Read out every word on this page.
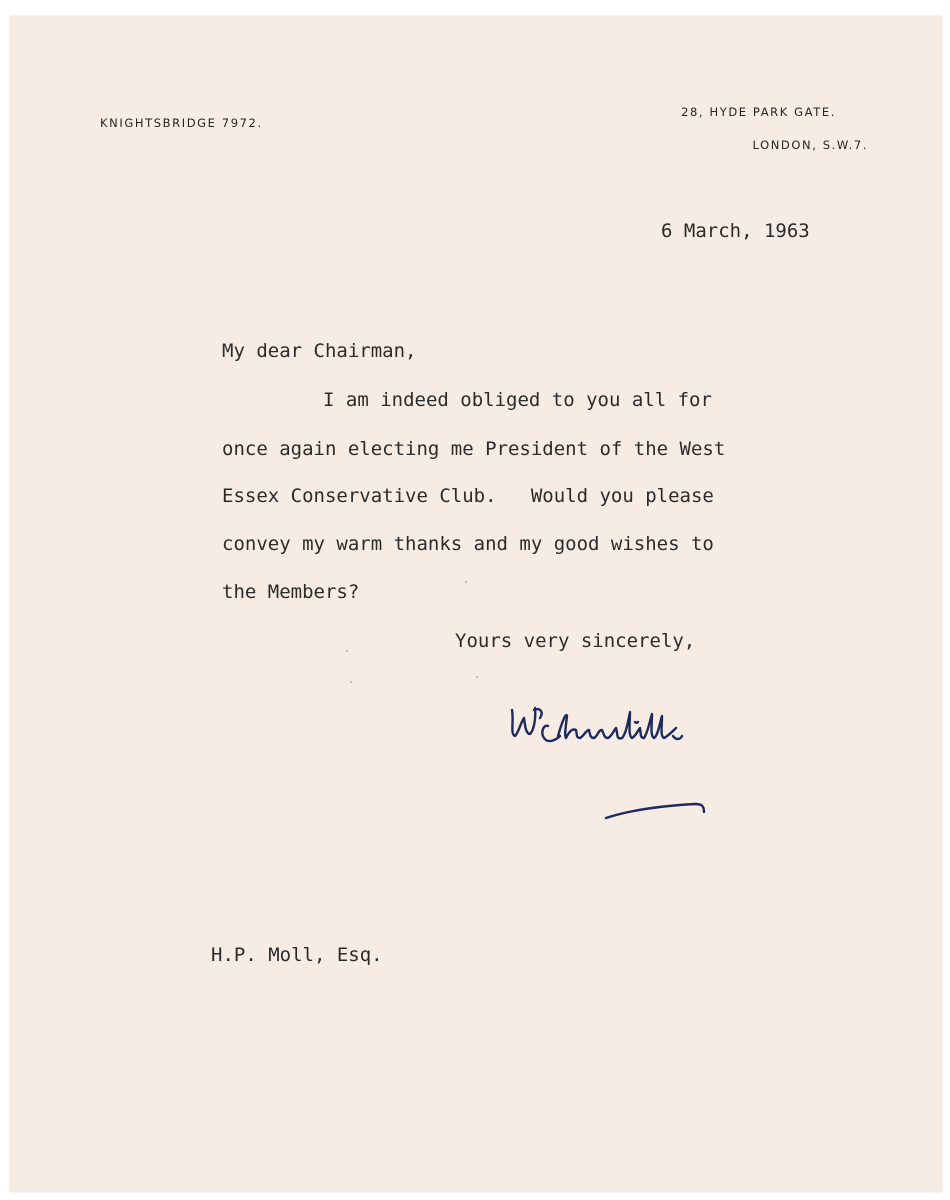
KNIGHTSBRIDGE 7972.
28, HYDE PARK GATE.
LONDON, S.W.7.
6 March, 1963
My dear Chairman,
I am indeed obliged to you all for
once again electing me President of the West
Essex Conservative Club.   Would you please
convey my warm thanks and my good wishes to
the Members?
Yours very sincerely,
H.P. Moll, Esq.
